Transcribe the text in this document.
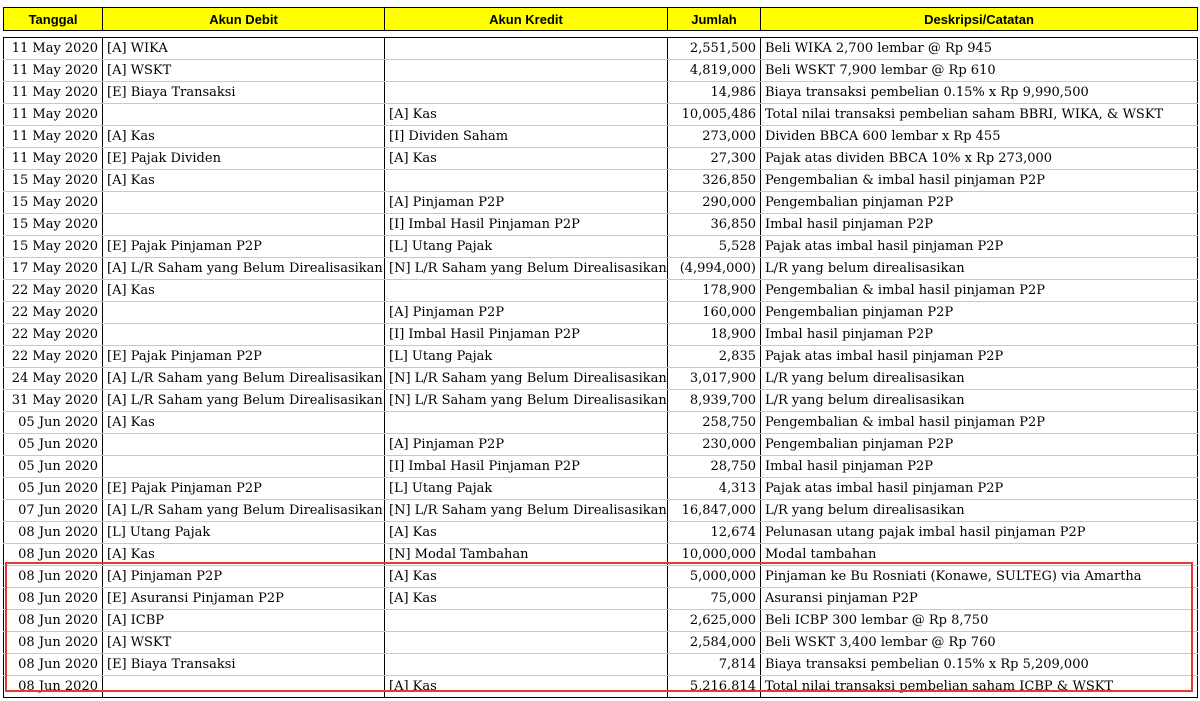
Tanggal	Akun Debit	Akun Kredit	Jumlah	Deskripsi/Catatan

11 May 2020	[A] WIKA		2,551,500	Beli WIKA 2,700 lembar @ Rp 945
11 May 2020	[A] WSKT		4,819,000	Beli WSKT 7,900 lembar @ Rp 610
11 May 2020	[E] Biaya Transaksi		14,986	Biaya transaksi pembelian 0.15% x Rp 9,990,500
11 May 2020		[A] Kas	10,005,486	Total nilai transaksi pembelian saham BBRI, WIKA, & WSKT
11 May 2020	[A] Kas	[I] Dividen Saham	273,000	Dividen BBCA 600 lembar x Rp 455
11 May 2020	[E] Pajak Dividen	[A] Kas	27,300	Pajak atas dividen BBCA 10% x Rp 273,000
15 May 2020	[A] Kas		326,850	Pengembalian & imbal hasil pinjaman P2P
15 May 2020		[A] Pinjaman P2P	290,000	Pengembalian pinjaman P2P
15 May 2020		[I] Imbal Hasil Pinjaman P2P	36,850	Imbal hasil pinjaman P2P
15 May 2020	[E] Pajak Pinjaman P2P	[L] Utang Pajak	5,528	Pajak atas imbal hasil pinjaman P2P
17 May 2020	[A] L/R Saham yang Belum Direalisasikan	[N] L/R Saham yang Belum Direalisasikan	(4,994,000)	L/R yang belum direalisasikan
22 May 2020	[A] Kas		178,900	Pengembalian & imbal hasil pinjaman P2P
22 May 2020		[A] Pinjaman P2P	160,000	Pengembalian pinjaman P2P
22 May 2020		[I] Imbal Hasil Pinjaman P2P	18,900	Imbal hasil pinjaman P2P
22 May 2020	[E] Pajak Pinjaman P2P	[L] Utang Pajak	2,835	Pajak atas imbal hasil pinjaman P2P
24 May 2020	[A] L/R Saham yang Belum Direalisasikan	[N] L/R Saham yang Belum Direalisasikan	3,017,900	L/R yang belum direalisasikan
31 May 2020	[A] L/R Saham yang Belum Direalisasikan	[N] L/R Saham yang Belum Direalisasikan	8,939,700	L/R yang belum direalisasikan
05 Jun 2020	[A] Kas		258,750	Pengembalian & imbal hasil pinjaman P2P
05 Jun 2020		[A] Pinjaman P2P	230,000	Pengembalian pinjaman P2P
05 Jun 2020		[I] Imbal Hasil Pinjaman P2P	28,750	Imbal hasil pinjaman P2P
05 Jun 2020	[E] Pajak Pinjaman P2P	[L] Utang Pajak	4,313	Pajak atas imbal hasil pinjaman P2P
07 Jun 2020	[A] L/R Saham yang Belum Direalisasikan	[N] L/R Saham yang Belum Direalisasikan	16,847,000	L/R yang belum direalisasikan
08 Jun 2020	[L] Utang Pajak	[A] Kas	12,674	Pelunasan utang pajak imbal hasil pinjaman P2P
08 Jun 2020	[A] Kas	[N] Modal Tambahan	10,000,000	Modal tambahan
08 Jun 2020	[A] Pinjaman P2P	[A] Kas	5,000,000	Pinjaman ke Bu Rosniati (Konawe, SULTEG) via Amartha
08 Jun 2020	[E] Asuransi Pinjaman P2P	[A] Kas	75,000	Asuransi pinjaman P2P
08 Jun 2020	[A] ICBP		2,625,000	Beli ICBP 300 lembar @ Rp 8,750
08 Jun 2020	[A] WSKT		2,584,000	Beli WSKT 3,400 lembar @ Rp 760
08 Jun 2020	[E] Biaya Transaksi		7,814	Biaya transaksi pembelian 0.15% x Rp 5,209,000
08 Jun 2020		[A] Kas	5,216,814	Total nilai transaksi pembelian saham ICBP & WSKT
